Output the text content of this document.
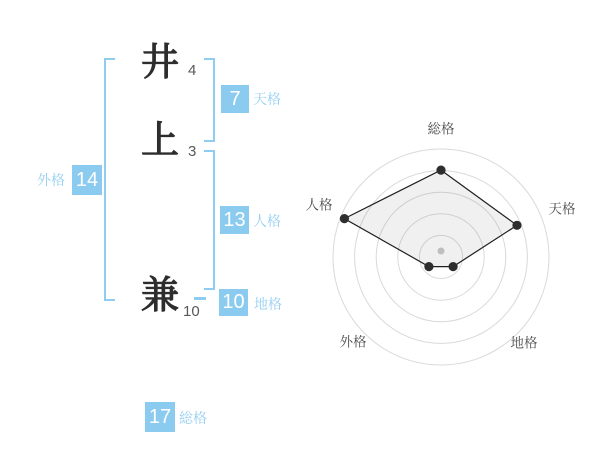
井 4
上 3
兼 10
外格 14
7 天格
13 人格
10 地格
17 総格
総格
天格
地格
外格
人格
